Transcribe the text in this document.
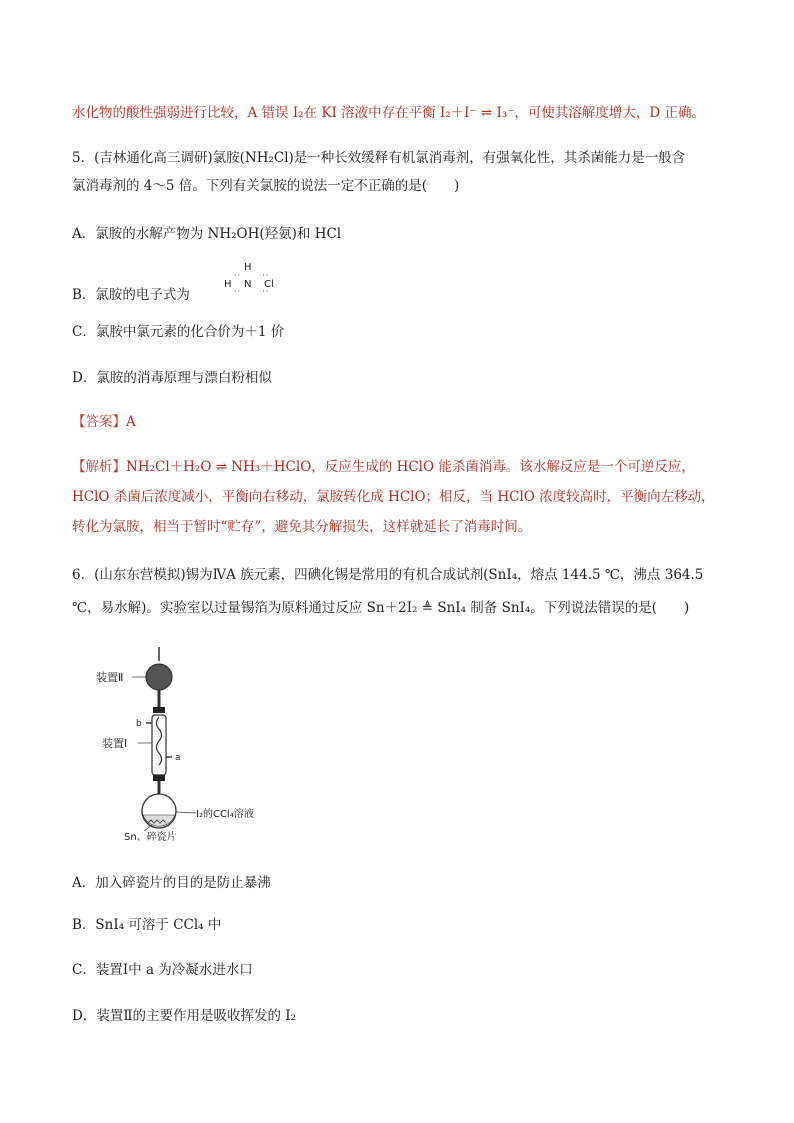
水化物的酸性强弱进行比较，A 错误 I₂在 KI 溶液中存在平衡 I₂＋I⁻ ⇌ I₃⁻，可使其溶解度增大，D 正确。
5．(吉林通化高三调研)氯胺(NH₂Cl)是一种长效缓释有机氯消毒剂，有强氧化性，其杀菌能力是一般含
氯消毒剂的 4～5 倍。下列有关氯胺的说法一定不正确的是(　　)
A．氯胺的水解产物为 NH₂OH(羟氨)和 HCl
B．氯胺的电子式为
H
H N Cl
··      ··
··      ··
C．氯胺中氯元素的化合价为＋1 价
D．氯胺的消毒原理与漂白粉相似
【答案】A
【解析】NH₂Cl＋H₂O ⇌ NH₃＋HClO，反应生成的 HClO 能杀菌消毒。该水解反应是一个可逆反应，
HClO 杀菌后浓度减小，平衡向右移动，氯胺转化成 HClO；相反，当 HClO 浓度较高时，平衡向左移动，
转化为氯胺，相当于暂时“贮存”，避免其分解损失，这样就延长了消毒时间。
6．(山东东营模拟)锡为ⅣA 族元素，四碘化锡是常用的有机合成试剂(SnI₄，熔点 144.5 ℃，沸点 364.5
℃，易水解)。实验室以过量锡箔为原料通过反应 Sn＋2I₂ ≜ SnI₄ 制备 SnI₄。下列说法错误的是(　　)
装置Ⅱ
b
装置Ⅰ
a
I₂的CCl₄溶液
Sn、碎瓷片
A．加入碎瓷片的目的是防止暴沸
B．SnI₄ 可溶于 CCl₄ 中
C．装置Ⅰ中 a 为冷凝水进水口
D．装置Ⅱ的主要作用是吸收挥发的 I₂
